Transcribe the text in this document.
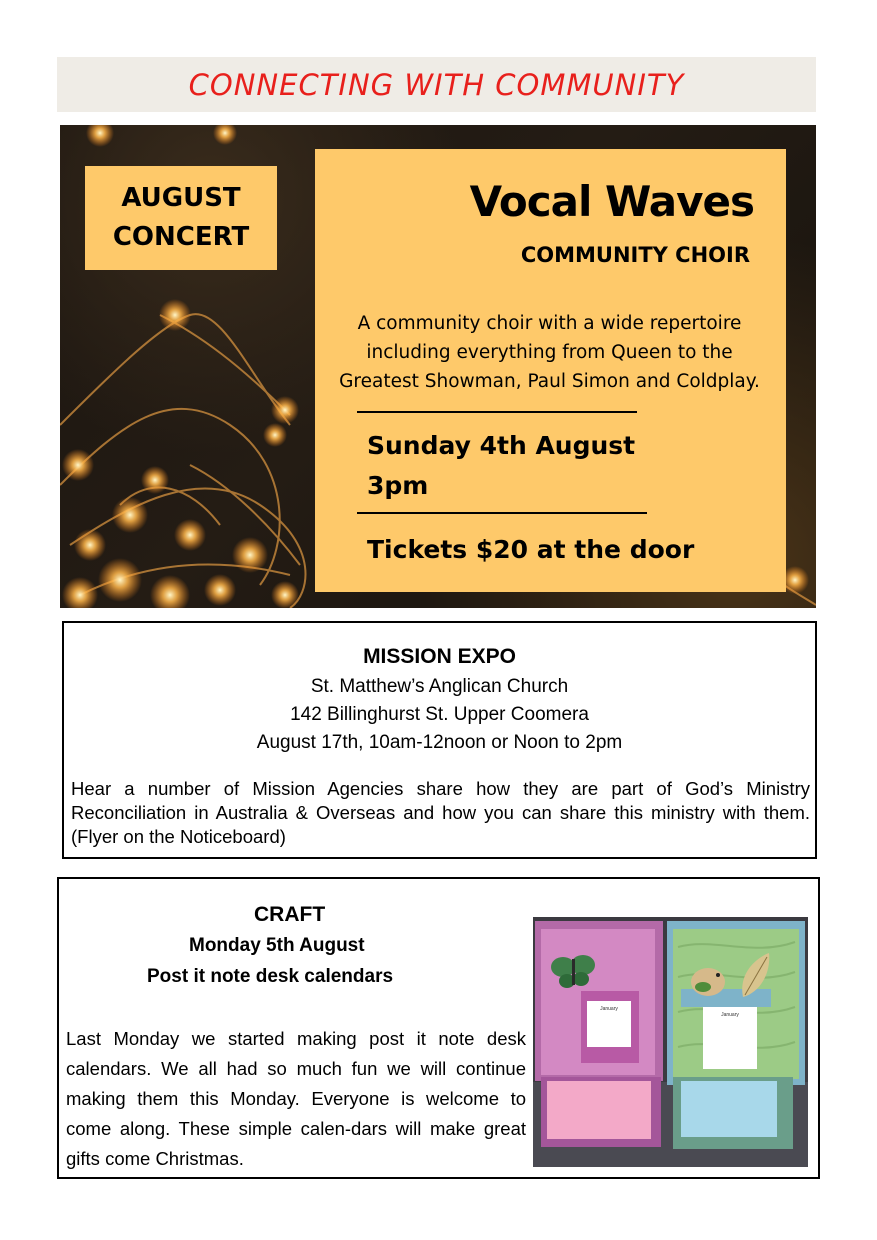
CONNECTING WITH COMMUNITY
AUGUST
CONCERT
Vocal Waves
COMMUNITY CHOIR
A community choir with a wide repertoire
including everything from Queen to the
Greatest Showman, Paul Simon and Coldplay.
Sunday 4th August
3pm
Tickets $20 at the door
MISSION EXPO
St. Matthew’s Anglican Church
142 Billinghurst St. Upper Coomera
August 17th, 10am-12noon or Noon to 2pm
Hear a number of Mission Agencies share how they are part of God’s Ministry Reconciliation in Australia & Overseas and how you can share this ministry with them. (Flyer on the Noticeboard)
CRAFT
Monday 5th August
Post it note desk calendars
Last Monday we started making post it note desk calendars. We all had so much fun we will continue making them this Monday. Everyone is welcome to come along. These simple calen-dars will make great gifts come Christmas.
January
January
